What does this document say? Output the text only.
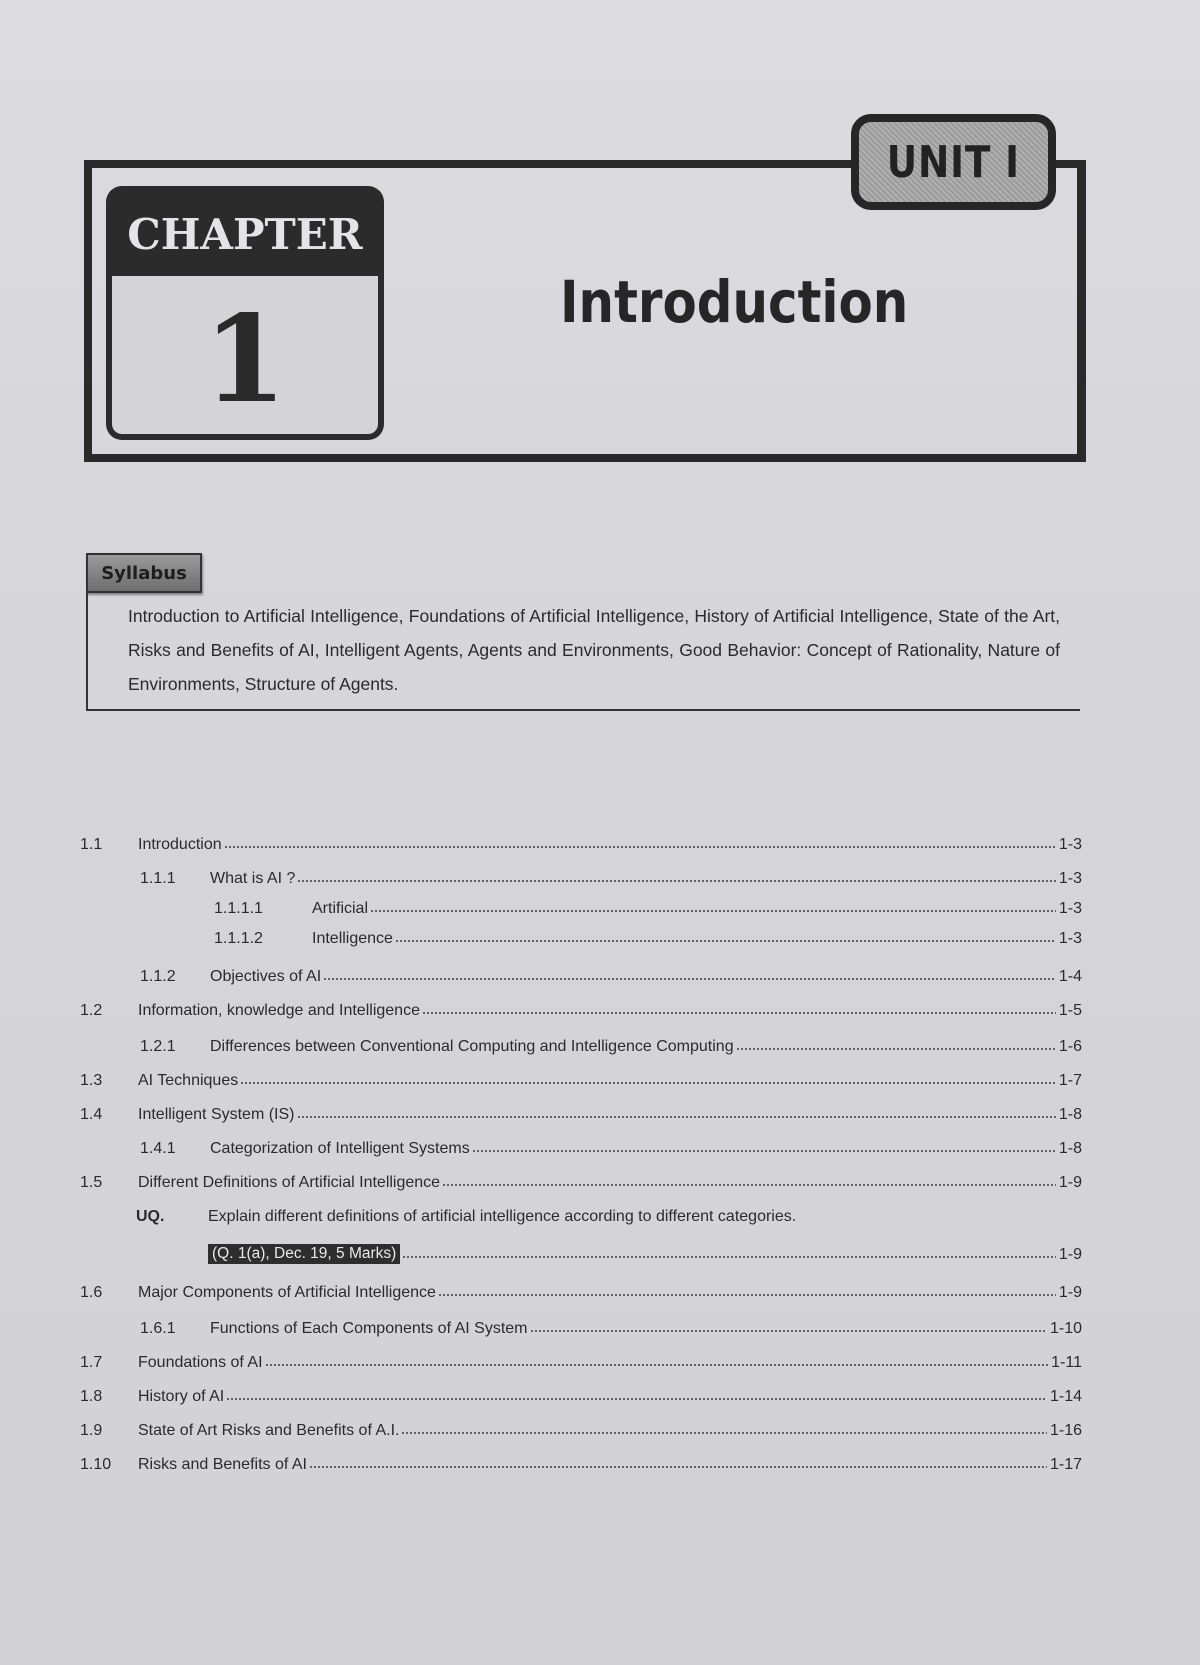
UNIT I
CHAPTER
1	Introduction
Syllabus

Introduction to Artificial Intelligence, Foundations of Artificial Intelligence, History of Artificial Intelligence, State of the Art, Risks and Benefits of AI, Intelligent Agents, Agents and Environments, Good Behavior: Concept of Rationality, Nature of Environments, Structure of Agents.

1.1	Introduction	1-3
1.1.1	What is AI ?	1-3
1.1.1.1	Artificial	1-3
1.1.1.2	Intelligence	1-3
1.1.2	Objectives of AI	1-4
1.2	Information, knowledge and Intelligence	1-5
1.2.1	Differences between Conventional Computing and Intelligence Computing	1-6
1.3	AI Techniques	1-7
1.4	Intelligent System (IS)	1-8
1.4.1	Categorization of Intelligent Systems	1-8
1.5	Different Definitions of Artificial Intelligence	1-9
UQ.	Explain different definitions of artificial intelligence according to different categories.
(Q. 1(a), Dec. 19, 5 Marks)	1-9
1.6	Major Components of Artificial Intelligence	1-9
1.6.1	Functions of Each Components of AI System	1-10
1.7	Foundations of AI	1-11
1.8	History of AI	1-14
1.9	State of Art Risks and Benefits of A.I.	1-16
1.10	Risks and Benefits of AI	1-17
